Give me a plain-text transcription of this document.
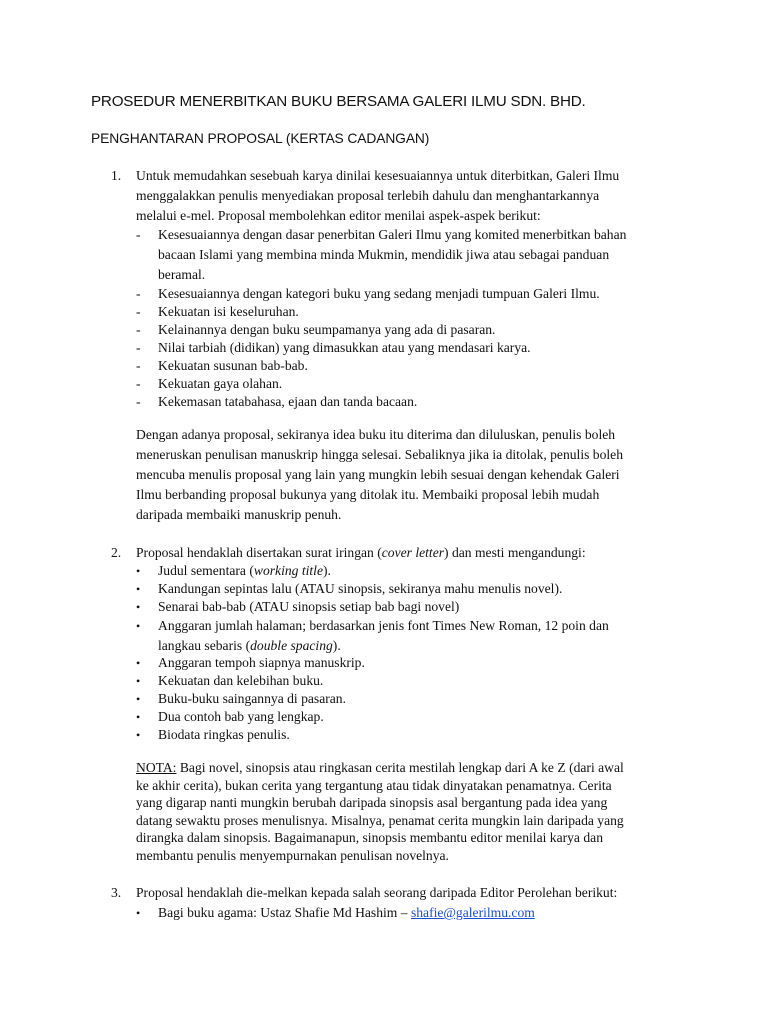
PROSEDUR MENERBITKAN BUKU BERSAMA GALERI ILMU SDN. BHD.
PENGHANTARAN PROPOSAL (KERTAS CADANGAN)
1. Untuk memudahkan sesebuah karya dinilai kesesuaiannya untuk diterbitkan, Galeri Ilmu
menggalakkan penulis menyediakan proposal terlebih dahulu dan menghantarkannya
melalui e-mel. Proposal membolehkan editor menilai aspek-aspek berikut:
- Kesesuaiannya dengan dasar penerbitan Galeri Ilmu yang komited menerbitkan bahan
bacaan Islami yang membina minda Mukmin, mendidik jiwa atau sebagai panduan
beramal.
- Kesesuaiannya dengan kategori buku yang sedang menjadi tumpuan Galeri Ilmu.
- Kekuatan isi keseluruhan.
- Kelainannya dengan buku seumpamanya yang ada di pasaran.
- Nilai tarbiah (didikan) yang dimasukkan atau yang mendasari karya.
- Kekuatan susunan bab-bab.
- Kekuatan gaya olahan.
- Kekemasan tatabahasa, ejaan dan tanda bacaan.
Dengan adanya proposal, sekiranya idea buku itu diterima dan diluluskan, penulis boleh
meneruskan penulisan manuskrip hingga selesai. Sebaliknya jika ia ditolak, penulis boleh
mencuba menulis proposal yang lain yang mungkin lebih sesuai dengan kehendak Galeri
Ilmu berbanding proposal bukunya yang ditolak itu. Membaiki proposal lebih mudah
daripada membaiki manuskrip penuh.
2. Proposal hendaklah disertakan surat iringan (cover letter) dan mesti mengandungi:
• Judul sementara (working title).
• Kandungan sepintas lalu (ATAU sinopsis, sekiranya mahu menulis novel).
• Senarai bab-bab (ATAU sinopsis setiap bab bagi novel)
• Anggaran jumlah halaman; berdasarkan jenis font Times New Roman, 12 poin dan
langkau sebaris (double spacing).
• Anggaran tempoh siapnya manuskrip.
• Kekuatan dan kelebihan buku.
• Buku-buku saingannya di pasaran.
• Dua contoh bab yang lengkap.
• Biodata ringkas penulis.
NOTA: Bagi novel, sinopsis atau ringkasan cerita mestilah lengkap dari A ke Z (dari awal
ke akhir cerita), bukan cerita yang tergantung atau tidak dinyatakan penamatnya. Cerita
yang digarap nanti mungkin berubah daripada sinopsis asal bergantung pada idea yang
datang sewaktu proses menulisnya. Misalnya, penamat cerita mungkin lain daripada yang
dirangka dalam sinopsis. Bagaimanapun, sinopsis membantu editor menilai karya dan
membantu penulis menyempurnakan penulisan novelnya.
3. Proposal hendaklah die-melkan kepada salah seorang daripada Editor Perolehan berikut:
• Bagi buku agama: Ustaz Shafie Md Hashim – shafie@galerilmu.com
